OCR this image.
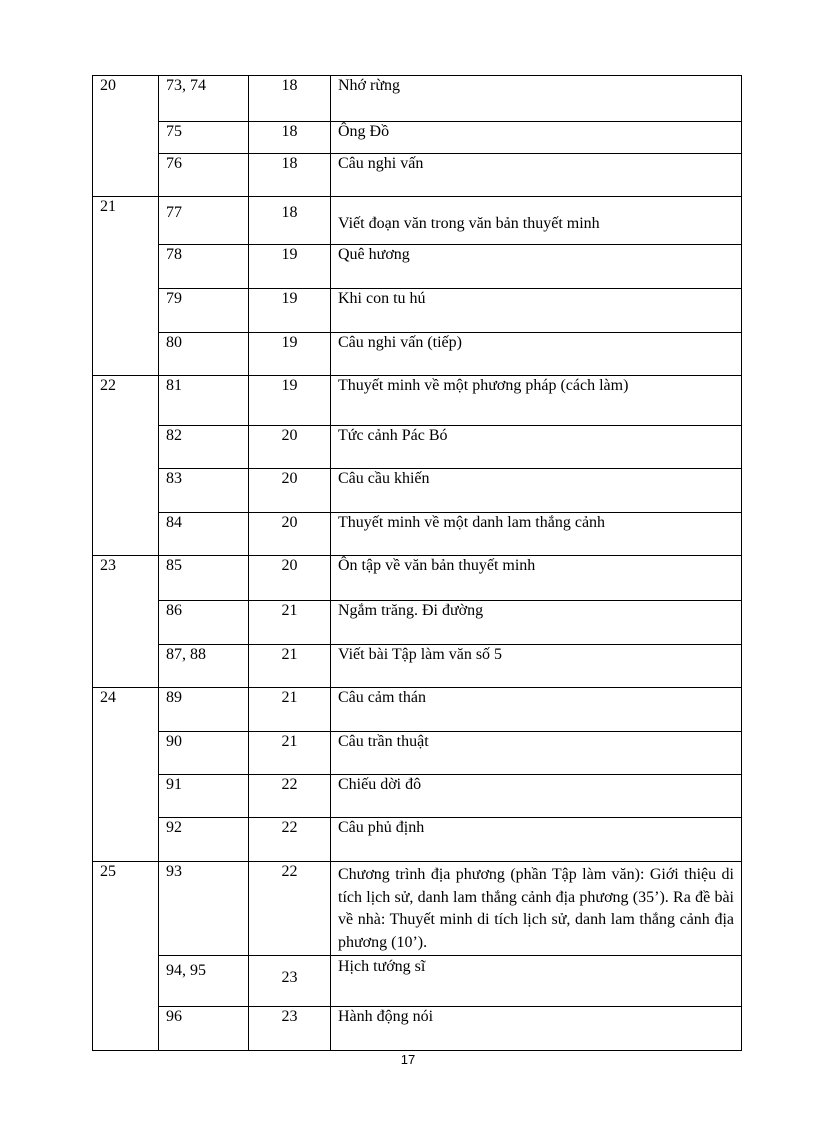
20	73, 74	18	Nhớ rừng
	75	18	Ông Đồ
	76	18	Câu nghi vấn
21	77	18	Viết đoạn văn trong văn bản thuyết minh
	78	19	Quê hương
	79	19	Khi con tu hú
	80	19	Câu nghi vấn (tiếp)
22	81	19	Thuyết minh về một phương pháp (cách làm)
	82	20	Tức cảnh Pác Bó
	83	20	Câu cầu khiến
	84	20	Thuyết minh về một danh lam thắng cảnh
23	85	20	Ôn tập về văn bản thuyết minh
	86	21	Ngắm trăng. Đi đường
	87, 88	21	Viết bài Tập làm văn số 5
24	89	21	Câu cảm thán
	90	21	Câu trần thuật
	91	22	Chiếu dời đô
	92	22	Câu phủ định
25	93	22	Chương trình địa phương (phần Tập làm văn): Giới thiệu di tích lịch sử, danh lam thắng cảnh địa phương (35’). Ra đề bài về nhà: Thuyết minh di tích lịch sử, danh lam thắng cảnh địa phương (10’).
	94, 95	23	Hịch tướng sĩ
	96	23	Hành động nói
17
